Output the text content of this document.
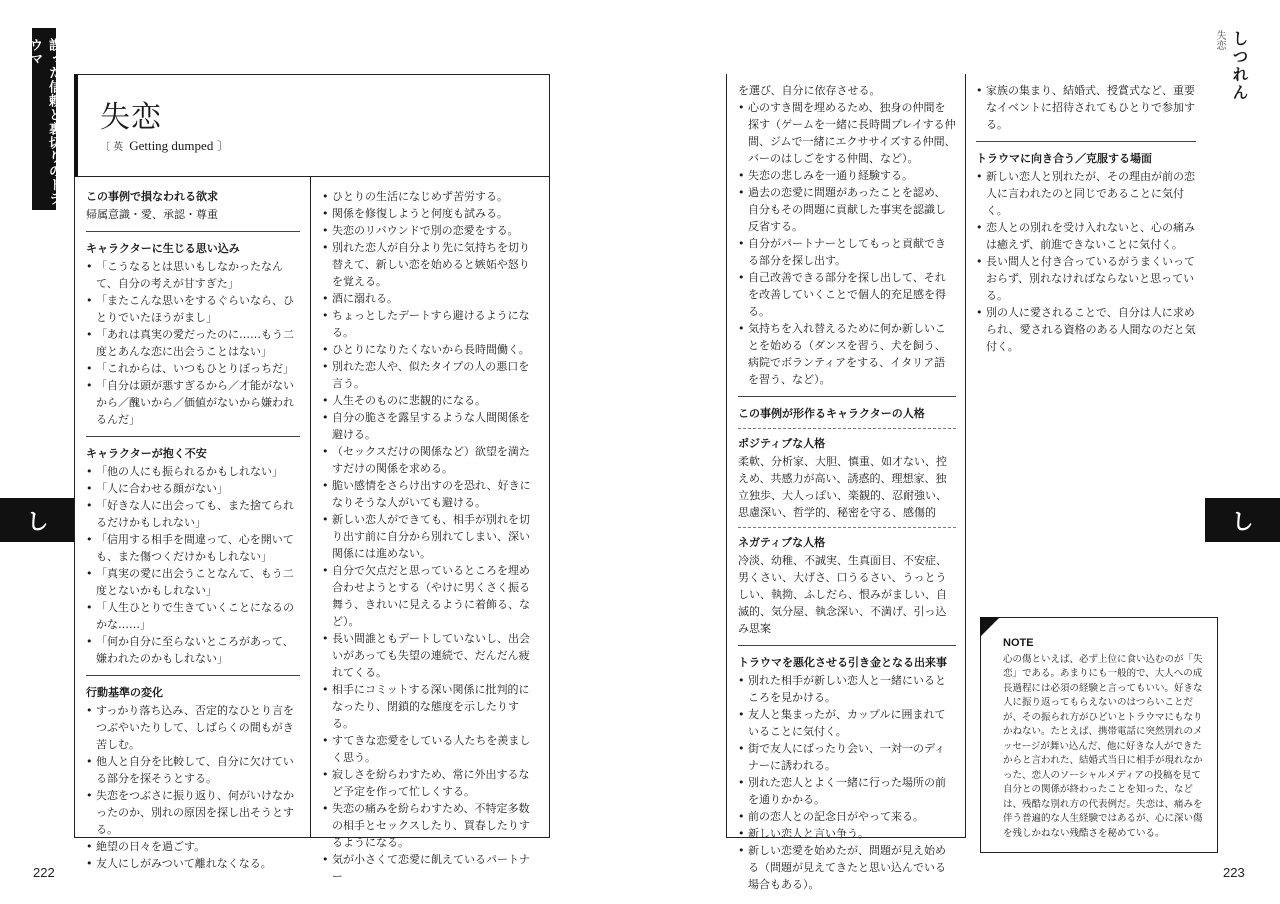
誤った信頼と裏切りのトラウマ
し
222
失恋
〔 英 Getting dumped 〕
この事例で損なわれる欲求

帰属意識・愛、承認・尊重

キャラクターに生じる思い込み
• 「こうなるとは思いもしなかったなんて、自分の考えが甘すぎた」
• 「またこんな思いをするぐらいなら、ひとりでいたほうがまし」
• 「あれは真実の愛だったのに……もう二度とあんな恋に出会うことはない」
• 「これからは、いつもひとりぼっちだ」
• 「自分は頭が悪すぎるから／才能がないから／醜いから／価値がないから嫌われるんだ」
キャラクターが抱く不安
• 「他の人にも振られるかもしれない」
• 「人に合わせる顔がない」
• 「好きな人に出会っても、また捨てられるだけかもしれない」
• 「信用する相手を間違って、心を開いても、また傷つくだけかもしれない」
• 「真実の愛に出会うことなんて、もう二度とないかもしれない」
• 「人生ひとりで生きていくことになるのかな……」
• 「何か自分に至らないところがあって、嫌われたのかもしれない」
行動基準の変化
• すっかり落ち込み、否定的なひとり言をつぶやいたりして、しばらくの間もがき苦しむ。
• 他人と自分を比較して、自分に欠けている部分を探そうとする。
• 失恋をつぶさに振り返り、何がいけなかったのか、別れの原因を探し出そうとする。
• 絶望の日々を過ごす。
• 友人にしがみついて離れなくなる。
• ひとりの生活になじめず苦労する。
• 関係を修復しようと何度も試みる。
• 失恋のリバウンドで別の恋愛をする。
• 別れた恋人が自分より先に気持ちを切り替えて、新しい恋を始めると嫉妬や怒りを覚える。
• 酒に溺れる。
• ちょっとしたデートすら避けるようになる。
• ひとりになりたくないから長時間働く。
• 別れた恋人や、似たタイプの人の悪口を言う。
• 人生そのものに悲観的になる。
• 自分の脆さを露呈するような人間関係を避ける。
• （セックスだけの関係など）欲望を満たすだけの関係を求める。
• 脆い感情をさらけ出すのを恐れ、好きになりそうな人がいても避ける。
• 新しい恋人ができても、相手が別れを切り出す前に自分から別れてしまい、深い関係には進めない。
• 自分で欠点だと思っているところを埋め合わせようとする（やけに男くさく振る舞う、きれいに見えるように着飾る、など）。
• 長い間誰ともデートしていないし、出会いがあっても失望の連続で、だんだん疲れてくる。
• 相手にコミットする深い関係に批判的になったり、閉鎖的な態度を示したりする。
• すてきな恋愛をしている人たちを羨ましく思う。
• 寂しさを紛らわすため、常に外出するなど予定を作って忙しくする。
• 失恋の痛みを紛らわすため、不特定多数の相手とセックスしたり、買春したりするようになる。
• 気が小さくて恋愛に飢えているパートナー
しつれん
失恋
し
223

を選び、自分に依存させる。

• 心のすき間を埋めるため、独身の仲間を探す（ゲームを一緒に長時間プレイする仲間、ジムで一緒にエクササイズする仲間、バーのはしごをする仲間、など）。
• 失恋の悲しみを一通り経験する。
• 過去の恋愛に問題があったことを認め、自分もその問題に貢献した事実を認識し反省する。
• 自分がパートナーとしてもっと貢献できる部分を探し出す。
• 自己改善できる部分を探し出して、それを改善していくことで個人的充足感を得る。
• 気持ちを入れ替えるために何か新しいことを始める（ダンスを習う、犬を飼う、病院でボランティアをする、イタリア語を習う、など）。
この事例が形作るキャラクターの人格
ポジティブな人格

柔軟、分析家、大胆、慎重、如才ない、控えめ、共感力が高い、誘惑的、理想家、独立独歩、大人っぽい、楽観的、忍耐強い、思慮深い、哲学的、秘密を守る、感傷的

ネガティブな人格

冷淡、幼稚、不誠実、生真面目、不安症、男くさい、大げさ、口うるさい、うっとうしい、執拗、ふしだら、恨みがましい、自滅的、気分屋、執念深い、不満げ、引っ込み思案

トラウマを悪化させる引き金となる出来事
• 別れた相手が新しい恋人と一緒にいるところを見かける。
• 友人と集まったが、カップルに囲まれていることに気付く。
• 街で友人にばったり会い、一対一のディナーに誘われる。
• 別れた恋人とよく一緒に行った場所の前を通りかかる。
• 前の恋人との記念日がやって来る。
• 新しい恋人と言い争う。
• 新しい恋愛を始めたが、問題が見え始める（問題が見えてきたと思い込んでいる場合もある）。
• 家族の集まり、結婚式、授賞式など、重要なイベントに招待されてもひとりで参加する。
トラウマに向き合う／克服する場面
• 新しい恋人と別れたが、その理由が前の恋人に言われたのと同じであることに気付く。
• 恋人との別れを受け入れないと、心の痛みは癒えず、前進できないことに気付く。
• 長い間人と付き合っているがうまくいっておらず、別れなければならないと思っている。
• 別の人に愛されることで、自分は人に求められ、愛される資格のある人間なのだと気付く。
NOTE
心の傷といえば、必ず上位に食い込むのが「失恋」である。あまりにも一般的で、大人への成長過程には必須の経験と言ってもいい。好きな人に振り返ってもらえないのはつらいことだが、その振られ方がひどいとトラウマにもなりかねない。たとえば、携帯電話に突然別れのメッセージが舞い込んだ、他に好きな人ができたからと言われた、結婚式当日に相手が現れなかった、恋人のソーシャルメディアの投稿を見て自分との関係が終わったことを知った、などは、残酷な別れ方の代表例だ。失恋は、痛みを伴う普遍的な人生経験ではあるが、心に深い傷を残しかねない残酷さを秘めている。
